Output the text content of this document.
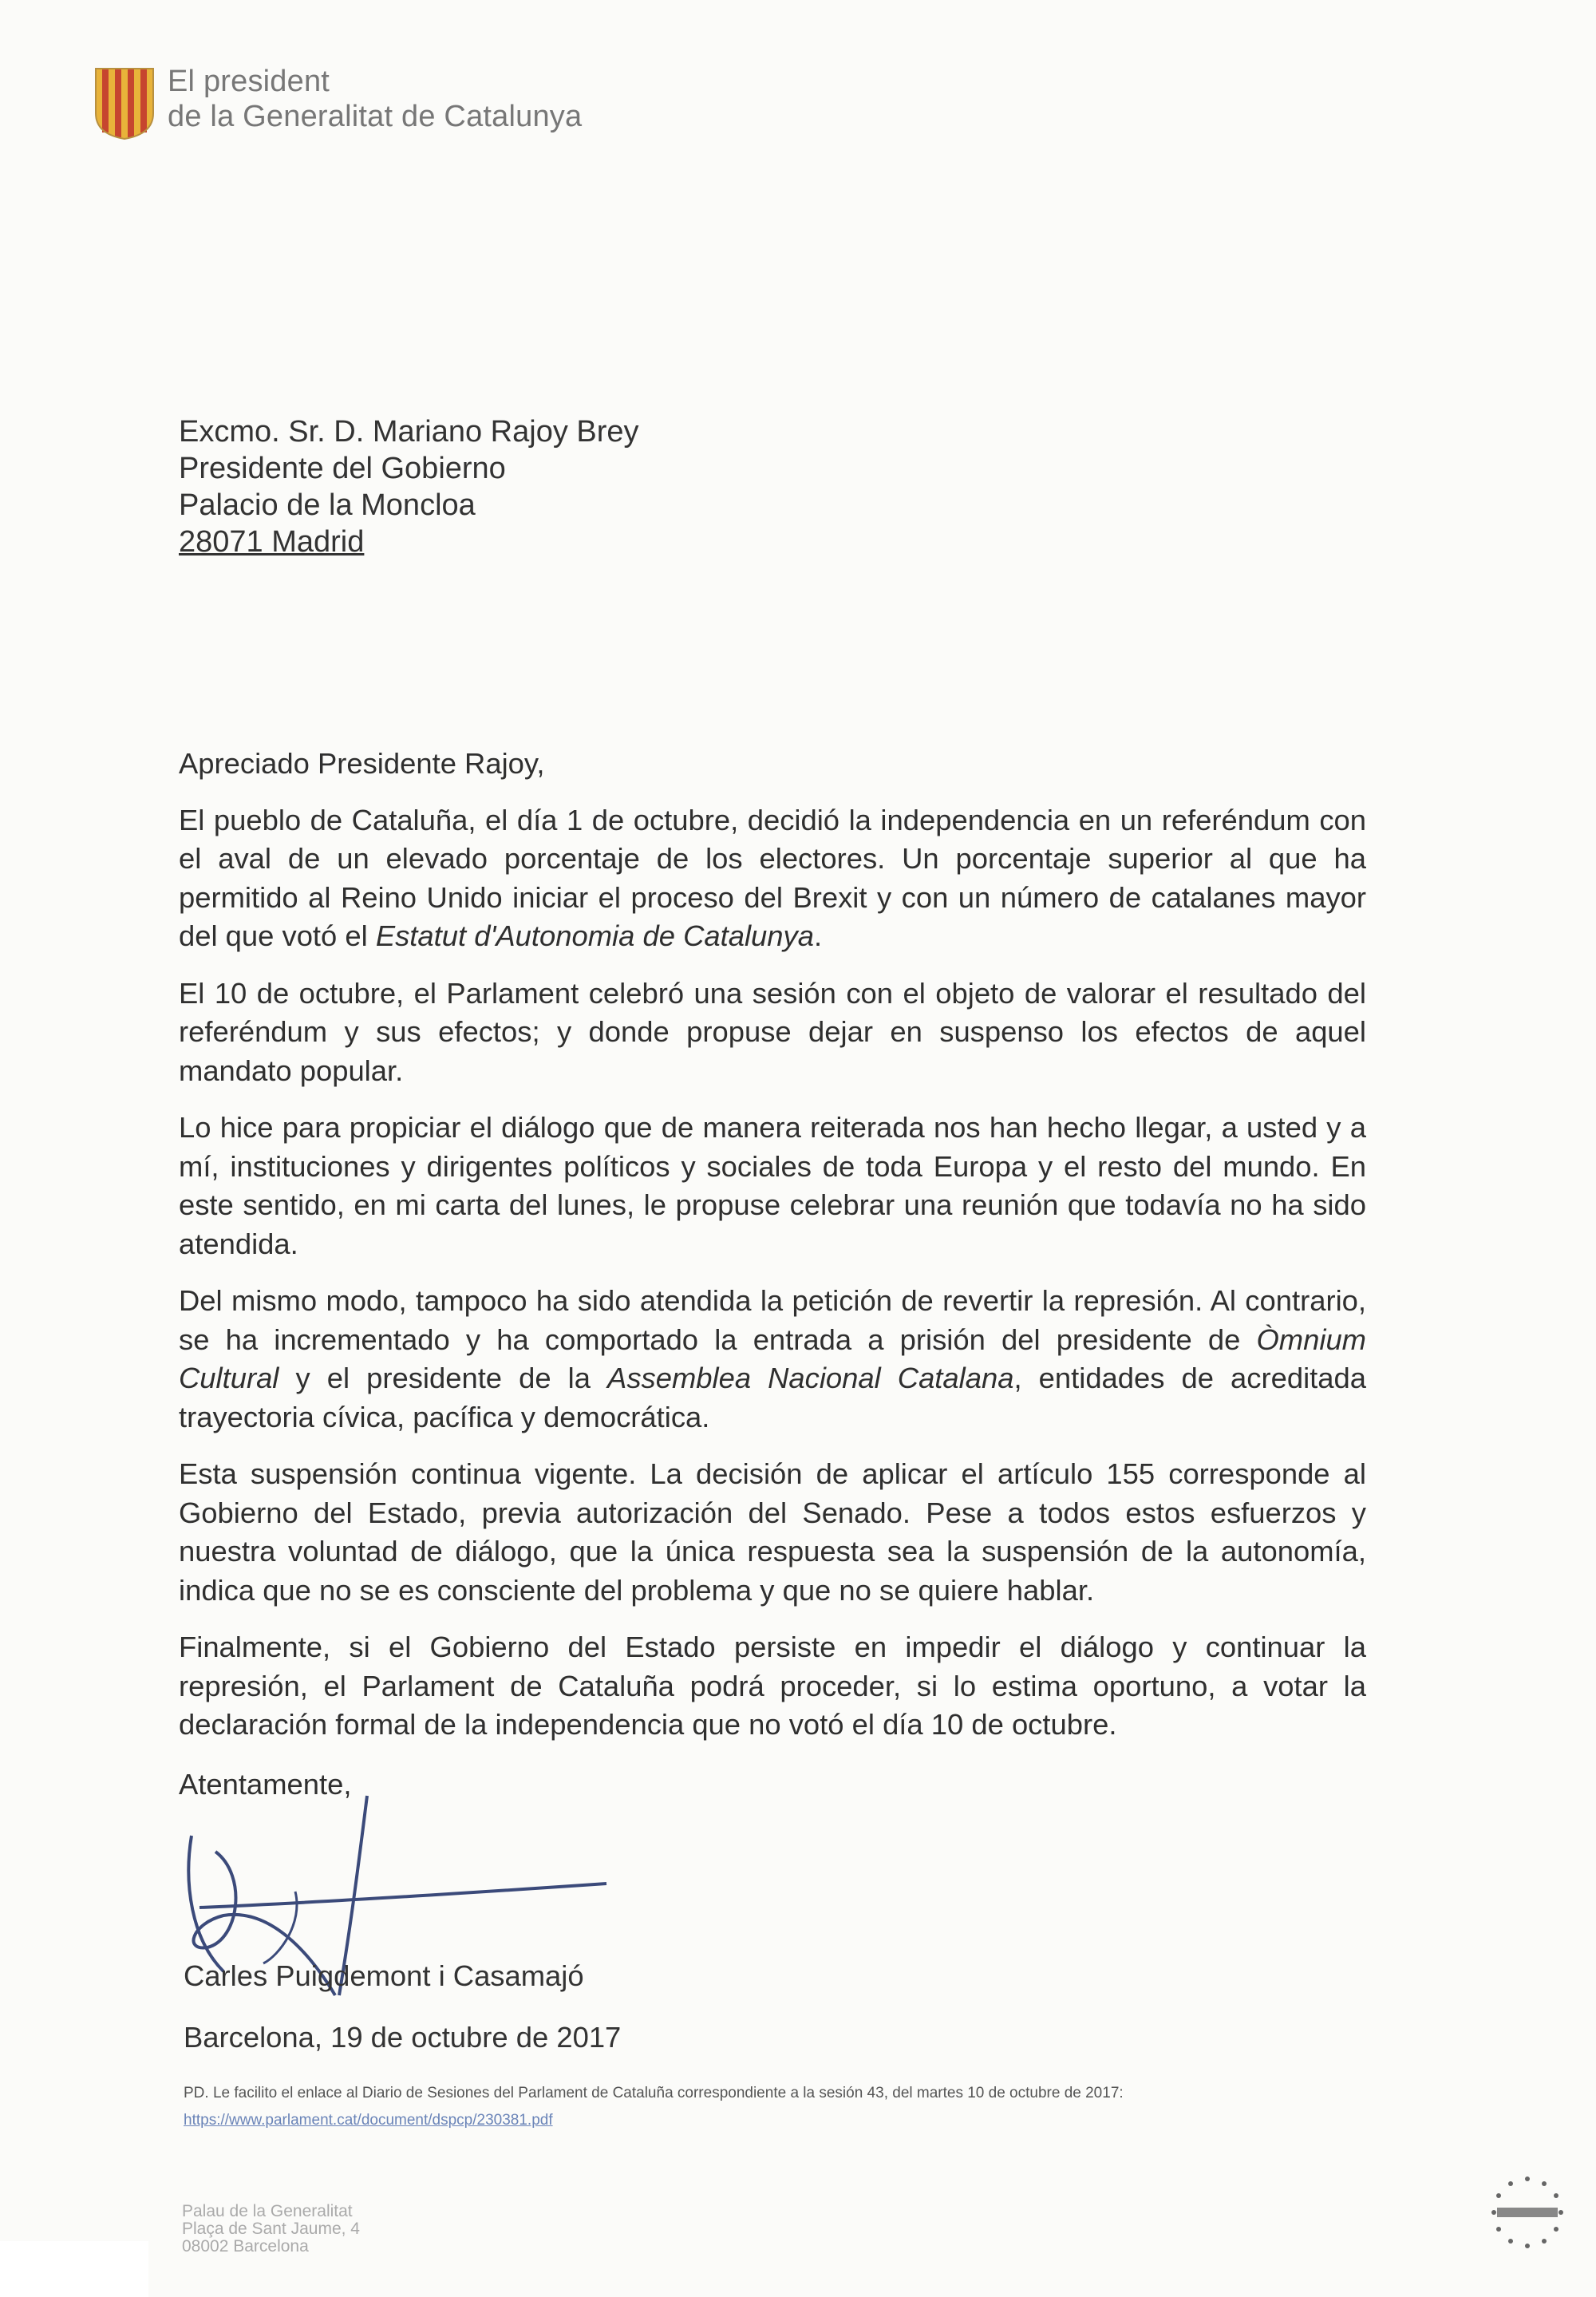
El president
de la Generalitat de Catalunya
Excmo. Sr. D. Mariano Rajoy Brey
Presidente del Gobierno
Palacio de la Moncloa
28071 Madrid

Apreciado Presidente Rajoy,

El pueblo de Cataluña, el día 1 de octubre, decidió la independencia en un referéndum con el aval de un elevado porcentaje de los electores. Un porcentaje superior al que ha permitido al Reino Unido iniciar el proceso del Brexit y con un número de catalanes mayor del que votó el Estatut d'Autonomia de Catalunya.

El 10 de octubre, el Parlament celebró una sesión con el objeto de valorar el resultado del referéndum y sus efectos; y donde propuse dejar en suspenso los efectos de aquel mandato popular.

Lo hice para propiciar el diálogo que de manera reiterada nos han hecho llegar, a usted y a mí, instituciones y dirigentes políticos y sociales de toda Europa y el resto del mundo. En este sentido, en mi carta del lunes, le propuse celebrar una reunión que todavía no ha sido atendida.

Del mismo modo, tampoco ha sido atendida la petición de revertir la represión. Al contrario, se ha incrementado y ha comportado la entrada a prisión del presidente de Òmnium Cultural y el presidente de la Assemblea Nacional Catalana, entidades de acreditada trayectoria cívica, pacífica y democrática.

Esta suspensión continua vigente. La decisión de aplicar el artículo 155 corresponde al Gobierno del Estado, previa autorización del Senado. Pese a todos estos esfuerzos y nuestra voluntad de diálogo, que la única respuesta sea la suspensión de la autonomía, indica que no se es consciente del problema y que no se quiere hablar.

Finalmente, si el Gobierno del Estado persiste en impedir el diálogo y continuar la represión, el Parlament de Cataluña podrá proceder, si lo estima oportuno, a votar la declaración formal de la independencia que no votó el día 10 de octubre.

Atentamente,

Carles Puigdemont i Casamajó
Barcelona, 19 de octubre de 2017
PD. Le facilito el enlace al Diario de Sesiones del Parlament de Cataluña correspondiente a la sesión 43, del martes 10 de octubre de 2017: https://www.parlament.cat/document/dspcp/230381.pdf
Palau de la Generalitat
Plaça de Sant Jaume, 4
08002 Barcelona
